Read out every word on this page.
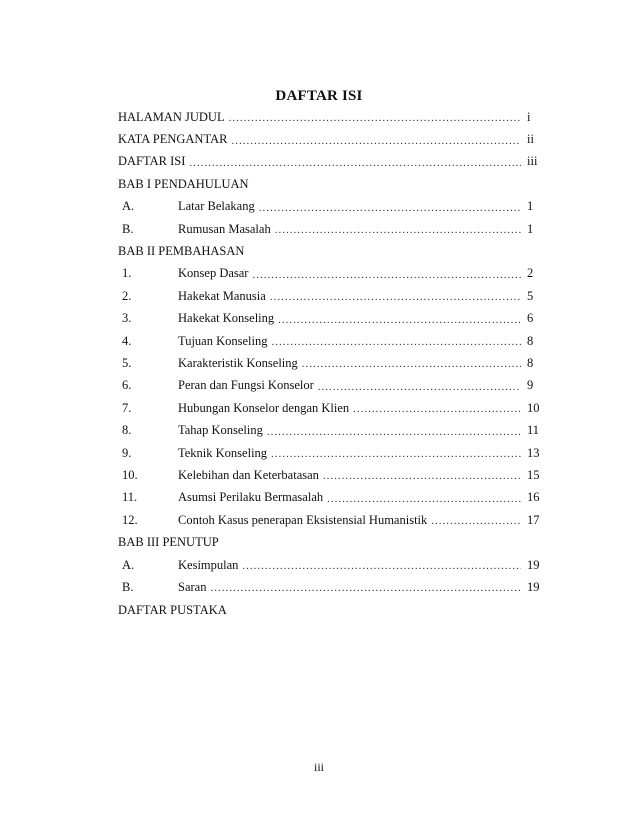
DAFTAR ISI
HALAMAN JUDUL .....	i
KATA PENGANTAR .....	ii
DAFTAR ISI .....	iii
BAB I PENDAHULUAN
A.	Latar Belakang .....	1
B.	Rumusan Masalah .....	1
BAB II PEMBAHASAN
1.	Konsep Dasar .....	2
2.	Hakekat Manusia .....	5
3.	Hakekat Konseling .....	6
4.	Tujuan Konseling .....	8
5.	Karakteristik Konseling .....	8
6.	Peran dan Fungsi Konselor .....	9
7.	Hubungan Konselor dengan Klien .....	10
8.	Tahap Konseling .....	11
9.	Teknik Konseling .....	13
10.	Kelebihan dan Keterbatasan .....	15
11.	Asumsi Perilaku Bermasalah .....	16
12.	Contoh Kasus penerapan Eksistensial Humanistik .....	17
BAB III PENUTUP
A.	Kesimpulan .....	19
B.	Saran .....	19
DAFTAR PUSTAKA
iii
